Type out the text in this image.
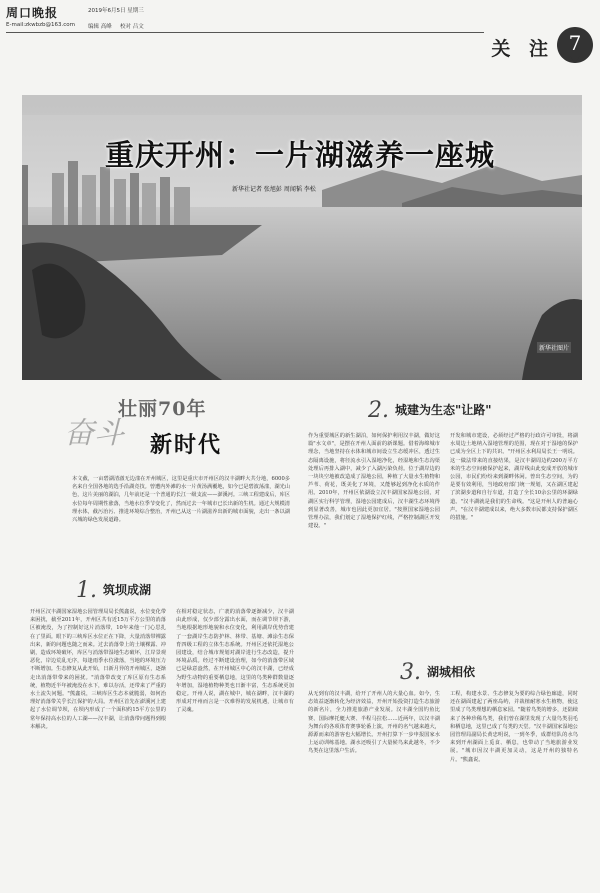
周口晚报	2019年6月5日 星期三
E-mail:zkwbzb@163.com 编辑 高峰 校对 吕文
关 注 7
重庆开州：一片湖滋养一座城
新华社记者 张旭彭 周闻韬 李松
新华社图片
壮丽70年
奋斗 新时代
本文截，一亩碧湖清澈无边漾在开州城区，这里是重庆市开州区的汉丰湖畔大共分地，6000多名来自全国各地的选手沿湖竞技。曾遭内外滩的水一片黄汤满覆地，如今已是碧波荡漾，湖光山色，这片美丽的湖泊，几年前还是一个普通的长江一级支流——澎溪河。三峡工程建成后，库区水位每年周期性涨落，当地水位季节变化了，然而过去一年城市已长出新的生机。通过大规模清理水体，截污治污、推进环境综合整治，开州已从这一片湖滋养出新的城市面貌，走出一条以湖兴城的绿色发展道路。
1. 筑坝成湖
开州区汉丰湖国家湿地公园管理局局长熊鑫说，水位变化带来困扰，截至2011年，开州区共有近15万平方公里的消落区被淹没，为了控制好这片消落带，10年来他一门心思扎在了里面。眼下的三峡库区水位正在下降，大量消落带裸露出来，新的问题也随之而来。过去消落带上的土壤裸露、冲刷，造成环境破坏，库区与消落带湿地生态破坏，江岸景观恶化，岸边荒乱无序，每逢雨季水位涨落，当地的环境压力不断增加。生态修复从此开始，日新月异的开州城区，逐渐走出消落带带来的困扰。"消落带改变了库区原有生态系统，植物近半年被淹没在水下，难以存活，还带来了严重的水土流失问题。"熊鑫说，三峡库区生态本就脆弱，如何治理好消落带关乎长江保护的大局。开州区首先在澎溪河上建起了水位调节坝，在坝内形成了一个面积约15平方公里的常年保持高水位的人工湖——汉丰湖，让消落带问题得到根本解决。
在相对稳定状态，广袤的消落带逐渐减少，汉丰湖由此形成，仅少部分露出水面，而在调节坝下游，当地根据地形地貌和水位变化，利用湖岸优势营建了一套湖岸生态防护林、林带、基塘、滩涂生态保育四级工程的立体生态系统。开州区还依托湿地公园建设，结合城市规划对湖岸进行生态改造，提升环境品质。经过不断建设治理，如今的消落带区域已是绿意盎然，在开州城区中心的汉丰湖，已经成为野生动物的重要栖息地，这里的鸟类种群数量逐年增加，湿地植物种类也日渐丰富，生态系统更加稳定。开州人说，湖在城中，城在湖畔，汉丰湖的形成对开州而言是一次难得的发展机遇，让城市有了灵魂。
2. 城建为生态"让路"
作为重要城区的新生湖泊，如何保护利用汉丰湖，做好这篇"水文章"，是摆在开州人面前的新课题。借着海绵城市理念，当地坚持在水体和城市间设立生态缓冲区，透过生态隔离设施，将径流水引入湿地净化，经湿地和生态沟渠处理后再排入湖中，减少了入湖污染负荷。位于湖岸边的一块块空地被改造成了湿地公园，种植了大量水生植物和芦苇、荷花，既美化了环境，又能够起到净化水质的作用。2010年，开州区依湖设立汉丰湖国家湿地公园，对湖区实行科学管理，湿地公园建成后，汉丰湖生态环境得到显著改善，城市也因此更加宜居。"按照国家湿地公园管理办法，我们划定了湿地保护红线，严格控制湖区开发建设。"
开发和城市建设，必须经过严格的行政许可审批，将湖水周边土地纳入湿地管理的范围，现在对于湿地的保护已成为全区上下的共识。"开州区水利局局长王一明说。这一做法带来的直接结果，是汉丰湖周边约200万平方米的生态空间被保护起来，湖岸线由此变成开放的城市公园，市民们纷纷来到湖畔休闲。曾出生态空间，为的是要有效利用，当地政府部门统一规划，又在湖区建起了滨湖步道和自行车道，打造了全长10余公里的环湖绿道。"汉丰湖就是我们的生命线。"这是开州人的普遍心声。"在汉丰湖建成以来，绝大多数市民都支持保护湖区的措施。"
3. 湖城相依
从无到有的汉丰湖，给开了开州人的大量心血。如今，生态效益逐渐转化为经济效益，开州开始投资打造生态旅游的新名片，全力推进旅游产业发展。汉丰湖全国钓鱼比赛、国际摩托艇大赛、半程马拉松……近两年，以汉丰湖为舞台的各项体育赛事轮番上演，开州的名气越来越大，源源而来的游客也大幅增长。开州打算下一步申报国家水上运动训练基地。湖水还吸引了大量候鸟来此越冬，不少鸟类在这里落户生活。
工程，构建水景、生态修复为要的综合绿色廊道，同时还在湖面建起了两座岛屿，并栽植耐寒水生植物，使这里成了鸟类理想的栖息家园。"随着鸟类的增多，还陆续来了各种珍稀鸟类，我们曾在湖里发现了大量鸟类羽毛和栖息地，这里已成了鸟类的天堂。"汉丰湖国家湿地公园管理局副局长黄忠明说，一到冬季，成群结队的水鸟来到开州湖面上觅食、栖息，也带动了当地旅游业发展。"城市因汉丰湖更加灵动，这是开州的独特名片。"熊鑫说。
